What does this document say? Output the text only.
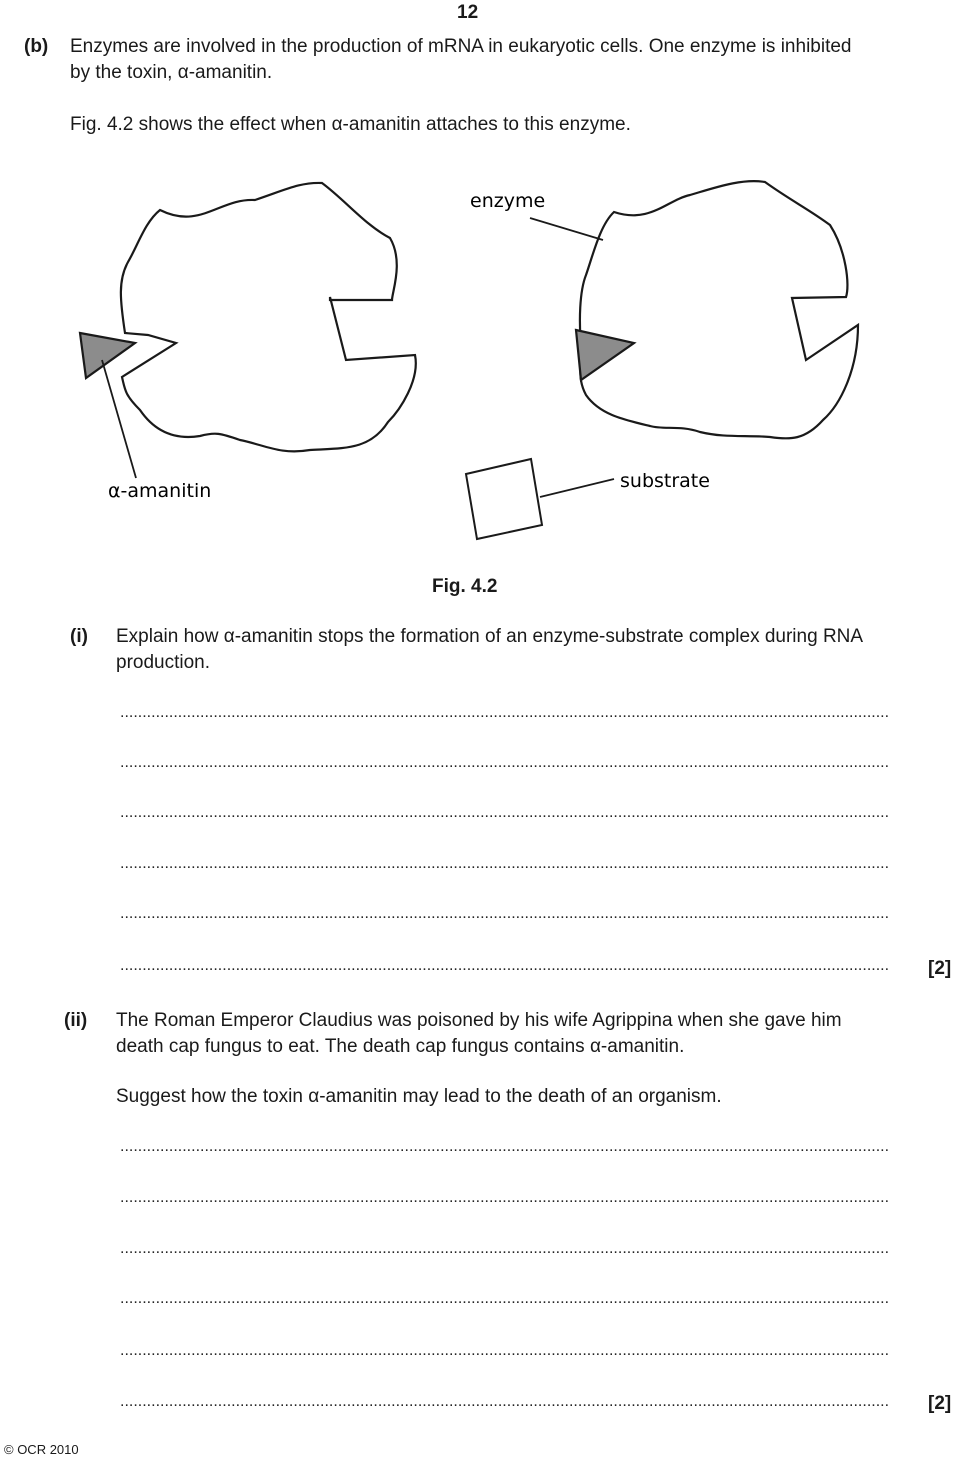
12
(b) Enzymes are involved in the production of mRNA in eukaryotic cells. One enzyme is inhibited
by the toxin, α-amanitin.
Fig. 4.2 shows the effect when α-amanitin attaches to this enzyme.
enzyme
α-amanitin	substrate
Fig. 4.2
(i) Explain how α-amanitin stops the formation of an enzyme-substrate complex during RNA
production.
.............................................................................................................................................................................
.............................................................................................................................................................................
.............................................................................................................................................................................
.............................................................................................................................................................................
.............................................................................................................................................................................
.............................................................................................................................................................................	[2]
(ii) The Roman Emperor Claudius was poisoned by his wife Agrippina when she gave him
death cap fungus to eat. The death cap fungus contains α-amanitin.
Suggest how the toxin α-amanitin may lead to the death of an organism.
.............................................................................................................................................................................
.............................................................................................................................................................................
.............................................................................................................................................................................
.............................................................................................................................................................................
.............................................................................................................................................................................
.............................................................................................................................................................................	[2]
© OCR 2010
